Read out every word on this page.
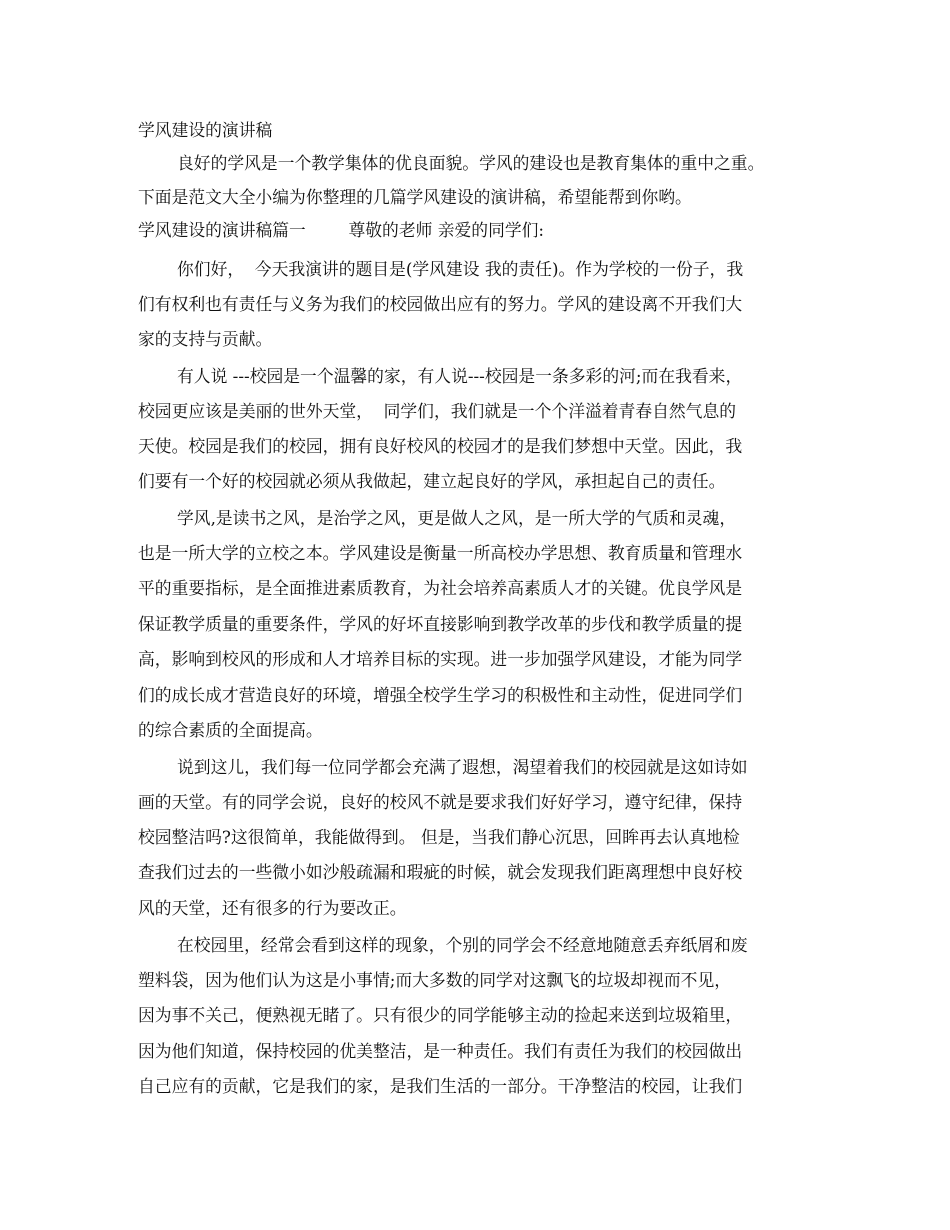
学风建设的演讲稿
良好的学风是一个教学集体的优良面貌。学风的建设也是教育集体的重中之重。
下面是范文大全小编为你整理的几篇学风建设的演讲稿，希望能帮到你哟。
学风建设的演讲稿篇一        尊敬的老师 亲爱的同学们:
你们好，  今天我演讲的题目是(学风建设 我的责任)。作为学校的一份子，我
们有权利也有责任与义务为我们的校园做出应有的努力。学风的建设离不开我们大
家的支持与贡献。
有人说 ---校园是一个温馨的家，有人说---校园是一条多彩的河;而在我看来，
校园更应该是美丽的世外天堂，  同学们，我们就是一个个洋溢着青春自然气息的
天使。校园是我们的校园，拥有良好校风的校园才的是我们梦想中天堂。因此，我
们要有一个好的校园就必须从我做起，建立起良好的学风，承担起自己的责任。
学风,是读书之风，是治学之风，更是做人之风，是一所大学的气质和灵魂，
也是一所大学的立校之本。学风建设是衡量一所高校办学思想、教育质量和管理水
平的重要指标，是全面推进素质教育，为社会培养高素质人才的关键。优良学风是
保证教学质量的重要条件，学风的好坏直接影响到教学改革的步伐和教学质量的提
高，影响到校风的形成和人才培养目标的实现。进一步加强学风建设，才能为同学
们的成长成才营造良好的环境，增强全校学生学习的积极性和主动性，促进同学们
的综合素质的全面提高。
说到这儿，我们每一位同学都会充满了遐想，渴望着我们的校园就是这如诗如
画的天堂。有的同学会说，良好的校风不就是要求我们好好学习，遵守纪律，保持
校园整洁吗?这很简单，我能做得到。 但是，当我们静心沉思，回眸再去认真地检
查我们过去的一些微小如沙般疏漏和瑕疵的时候，就会发现我们距离理想中良好校
风的天堂，还有很多的行为要改正。
在校园里，经常会看到这样的现象，个别的同学会不经意地随意丢弃纸屑和废
塑料袋，因为他们认为这是小事情;而大多数的同学对这飘飞的垃圾却视而不见，
因为事不关己，便熟视无睹了。只有很少的同学能够主动的捡起来送到垃圾箱里，
因为他们知道，保持校园的优美整洁，是一种责任。我们有责任为我们的校园做出
自己应有的贡献，它是我们的家，是我们生活的一部分。干净整洁的校园，让我们
